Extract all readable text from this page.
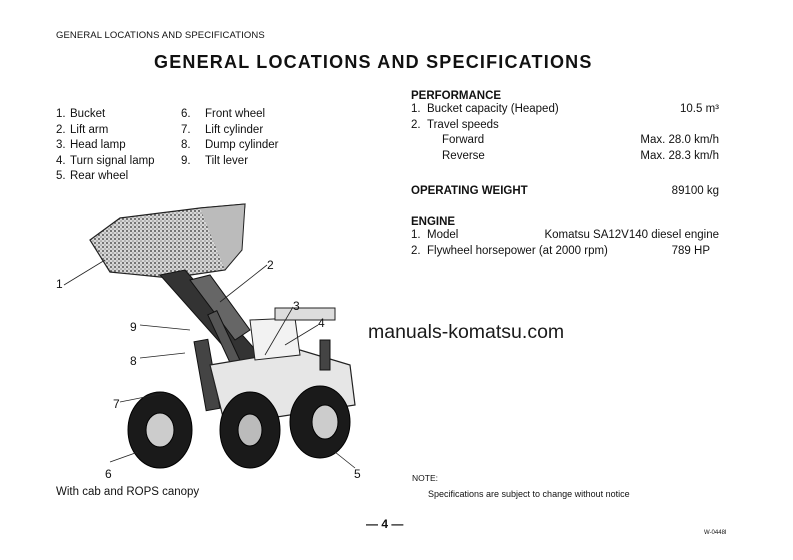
GENERAL LOCATIONS AND SPECIFICATIONS
GENERAL LOCATIONS AND SPECIFICATIONS
1. Bucket
2. Lift arm
3. Head lamp
4. Turn signal lamp
5. Rear wheel
6.	Front wheel
7.	Lift cylinder
8.	Dump cylinder
9.	Tilt lever
PERFORMANCE
1. Bucket capacity (Heaped)	10.5 m³
2. Travel speeds
Forward	Max. 28.0 km/h
Reverse	Max. 28.3 km/h
OPERATING WEIGHT	89100 kg
ENGINE
1. Model	Komatsu SA12V140 diesel engine
2. Flywheel horsepower (at 2000 rpm)	789 HP
1
2
3
4
9
8
7
6	5
manuals-komatsu.com
With cab and ROPS canopy
NOTE:
Specifications are subject to change without notice
— 4 —
W-0448I
